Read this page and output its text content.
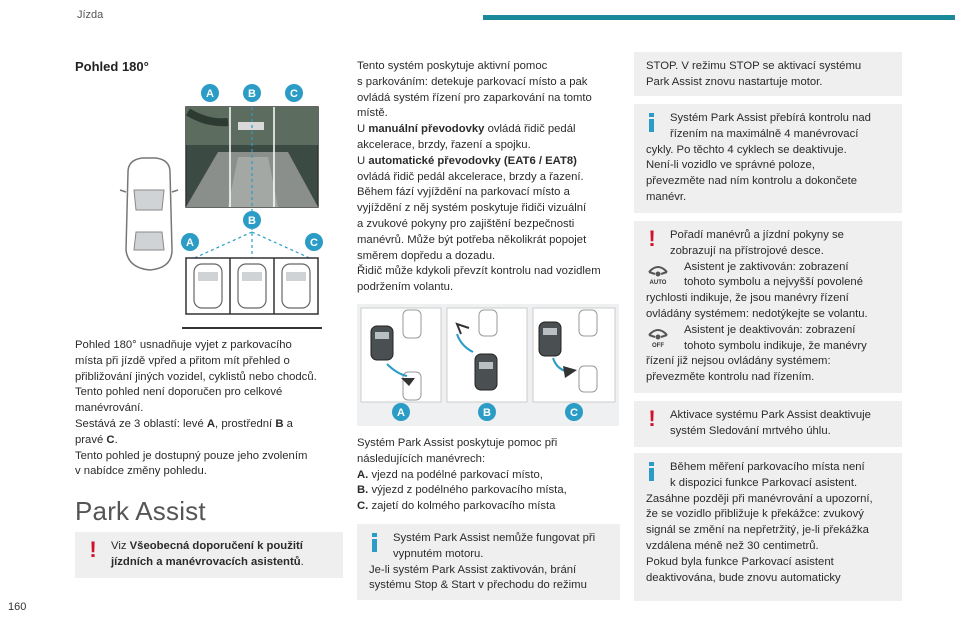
Jízda
Pohled 180°
A	B	C
B
A	C

Pohled 180° usnadňuje vyjet z parkovacího

místa při jízdě vpřed a přitom mít přehled o

přibližování jiných vozidel, cyklistů nebo chodců.

Tento pohled není doporučen pro celkové

manévrování.

Sestává ze 3 oblastí: levé A, prostřední B a

pravé C.

Tento pohled je dostupný pouze jeho zvolením

v nabídce změny pohledu.

Park Assist
!	Viz Všeobecná doporučení k použití

jízdních a manévrovacích asistentů.

160

Tento systém poskytuje aktivní pomoc

s parkováním: detekuje parkovací místo a pak

ovládá systém řízení pro zaparkování na tomto

místě.

U manuální převodovky ovládá řidič pedál

akcelerace, brzdy, řazení a spojku.

U automatické převodovky (EAT6 / EAT8)

ovládá řidič pedál akcelerace, brzdy a řazení.

Během fází vyjíždění na parkovací místo a

vyjíždění z něj systém poskytuje řidiči vizuální

a zvukové pokyny pro zajištění bezpečnosti

manévrů. Může být potřeba několikrát popojet

směrem dopředu a dozadu.

Řidič může kdykoli převzít kontrolu nad vozidlem

podržením volantu.

A	B	C

Systém Park Assist poskytuje pomoc při

následujících manévrech:

A. vjezd na podélné parkovací místo,

B. výjezd z podélného parkovacího místa,

C. zajetí do kolmého parkovacího místa

Systém Park Assist nemůže fungovat při

vypnutém motoru.

Je-li systém Park Assist zaktivován, brání

systému Stop & Start v přechodu do režimu

STOP. V režimu STOP se aktivací systému

Park Assist znovu nastartuje motor.

Systém Park Assist přebírá kontrolu nad

řízením na maximálně 4 manévrovací

cykly. Po těchto 4 cyklech se deaktivuje.

Není-li vozidlo ve správné poloze,

převezměte nad ním kontrolu a dokončete

manévr.

!	Pořadí manévrů a jízdní pokyny se

zobrazují na přístrojové desce.

AUTO

Asistent je zaktivován: zobrazení

tohoto symbolu a nejvyšší povolené

rychlosti indikuje, že jsou manévry řízení

ovládány systémem: nedotýkejte se volantu.

OFF

Asistent je deaktivován: zobrazení

tohoto symbolu indikuje, že manévry

řízení již nejsou ovládány systémem:

převezměte kontrolu nad řízením.

!	Aktivace systému Park Assist deaktivuje

systém Sledování mrtvého úhlu.

Během měření parkovacího místa není

k dispozici funkce Parkovací asistent.

Zasáhne později při manévrování a upozorní,

že se vozidlo přibližuje k překážce: zvukový

signál se změní na nepřetržitý, je-li překážka

vzdálena méně než 30 centimetrů.

Pokud byla funkce Parkovací asistent

deaktivována, bude znovu automaticky
